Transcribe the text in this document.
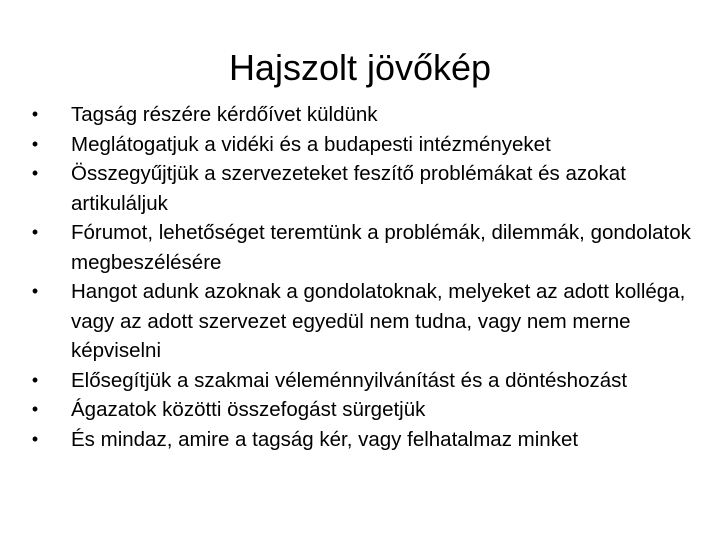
Hajszolt jövőkép
• Tagság részére kérdőívet küldünk
• Meglátogatjuk a vidéki és a budapesti intézményeket
• Összegyűjtjük a szervezeteket feszítő problémákat és azokat artikuláljuk
• Fórumot, lehetőséget teremtünk a problémák, dilemmák, gondolatok megbeszélésére
• Hangot adunk azoknak a gondolatoknak, melyeket az adott kolléga, vagy az adott szervezet egyedül nem tudna, vagy nem merne képviselni
• Elősegítjük a szakmai véleménnyilvánítást és a döntéshozást
• Ágazatok közötti összefogást sürgetjük
• És mindaz, amire a tagság kér, vagy felhatalmaz minket
